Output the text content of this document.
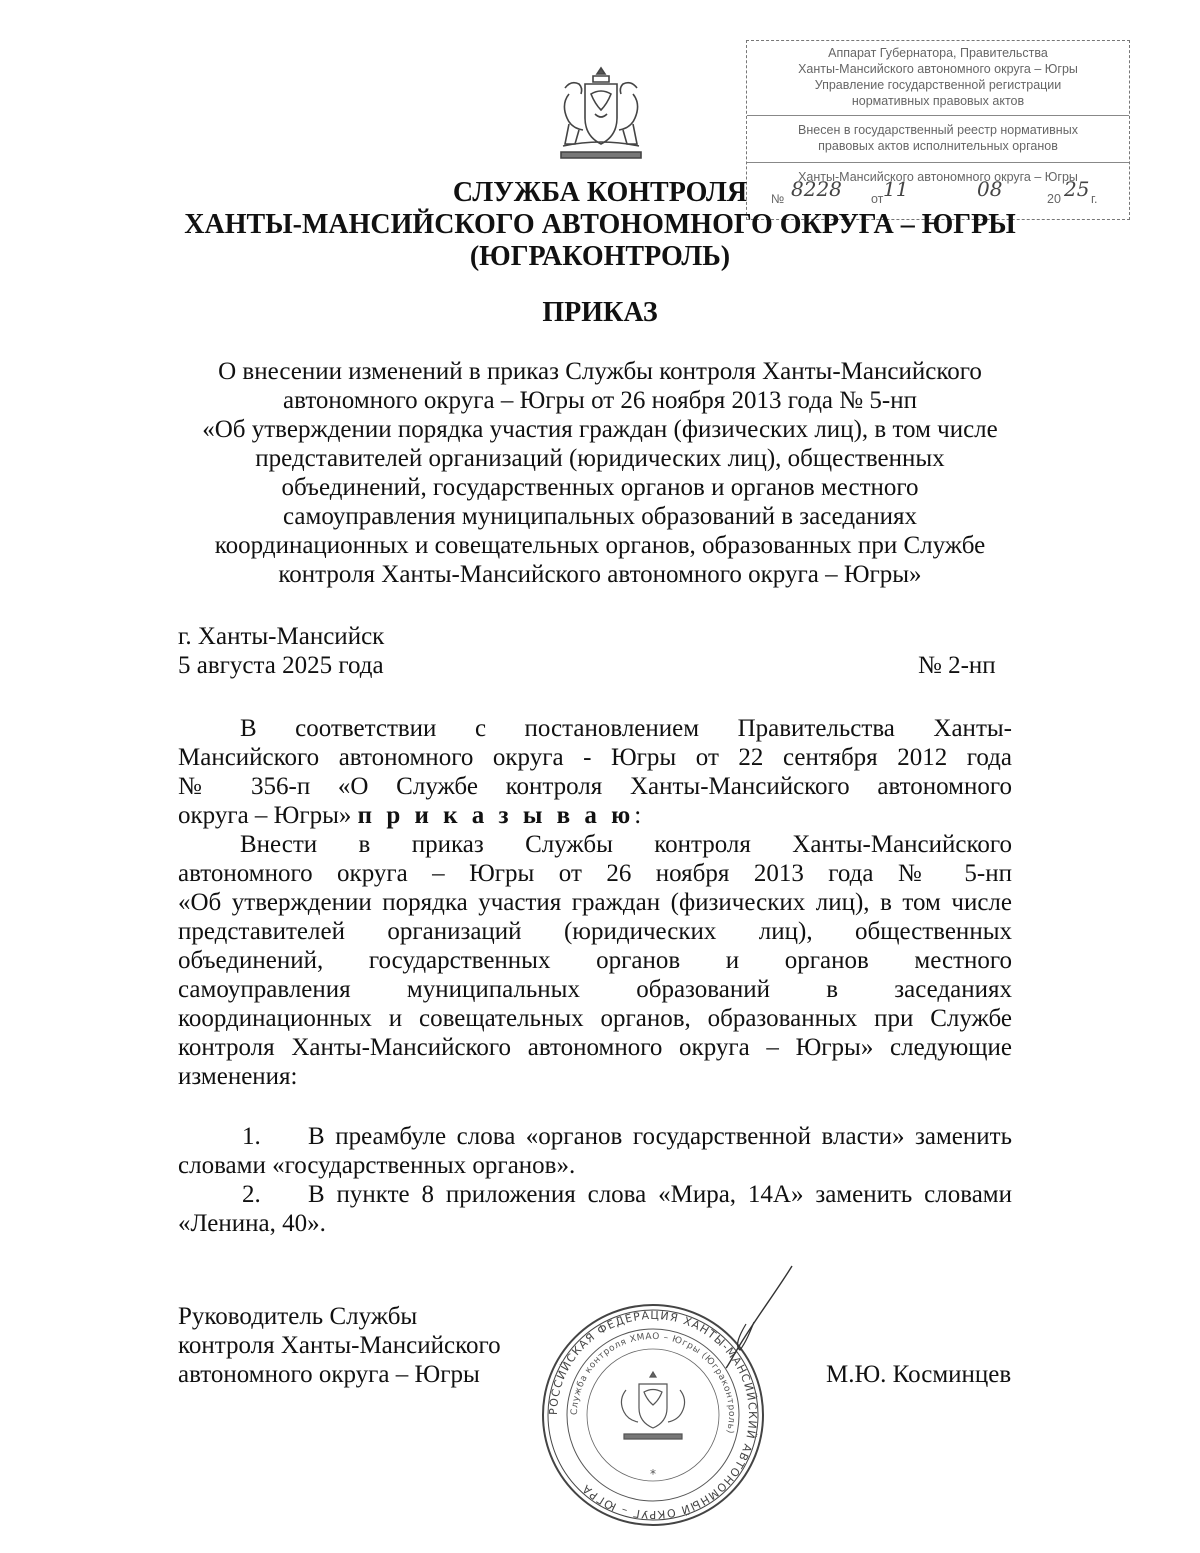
Аппарат Губернатора, Правительства
Ханты-Мансийского автономного округа – Югры
Управление государственной регистрации
нормативных правовых актов
Внесен в государственный реестр нормативных
правовых актов исполнительных органов
Ханты-Мансийского автономного округа – Югры
№ 8228 от 11	08	20 25 г.
СЛУЖБА КОНТРОЛЯ
ХАНТЫ-МАНСИЙСКОГО АВТОНОМНОГО ОКРУГА – ЮГРЫ
(ЮГРАКОНТРОЛЬ)
ПРИКАЗ
О внесении изменений в приказ Службы контроля Ханты-Мансийского
автономного округа – Югры от 26 ноября 2013 года № 5-нп
«Об утверждении порядка участия граждан (физических лиц), в том числе
представителей организаций (юридических лиц), общественных
объединений, государственных органов и органов местного
самоуправления муниципальных образований в заседаниях
координационных и совещательных органов, образованных при Службе
контроля Ханты-Мансийского автономного округа – Югры»
г. Ханты-Мансийск
5 августа 2025 года	№ 2-нп
В соответствии с постановлением Правительства Ханты-
Мансийского автономного округа - Югры от 22 сентября 2012 года
№ 356-п «О Службе контроля Ханты-Мансийского автономного
округа – Югры» п р и к а з ы в а ю:
Внести в приказ Службы контроля Ханты-Мансийского
автономного округа – Югры от 26 ноября 2013 года № 5-нп
«Об утверждении порядка участия граждан (физических лиц), в том числе
представителей организаций (юридических лиц), общественных
объединений, государственных органов и органов местного
самоуправления муниципальных образований в заседаниях
координационных и совещательных органов, образованных при Службе
контроля Ханты-Мансийского автономного округа – Югры» следующие
изменения:
1. В преамбуле слова «органов государственной власти» заменить
словами «государственных органов».
2. В пункте 8 приложения слова «Мира, 14А» заменить словами
«Ленина, 40».
Руководитель Службы
контроля Ханты-Мансийского
автономного округа – Югры	М.Ю. Косминцев
РОССИЙСКАЯ ФЕДЕРАЦИЯ ХАНТЫ-МАНСИЙСКИЙ АВТОНОМНЫЙ ОКРУГ – ЮГРА
Служба контроля ХМАО – Югры (Юграконтроль)
*
